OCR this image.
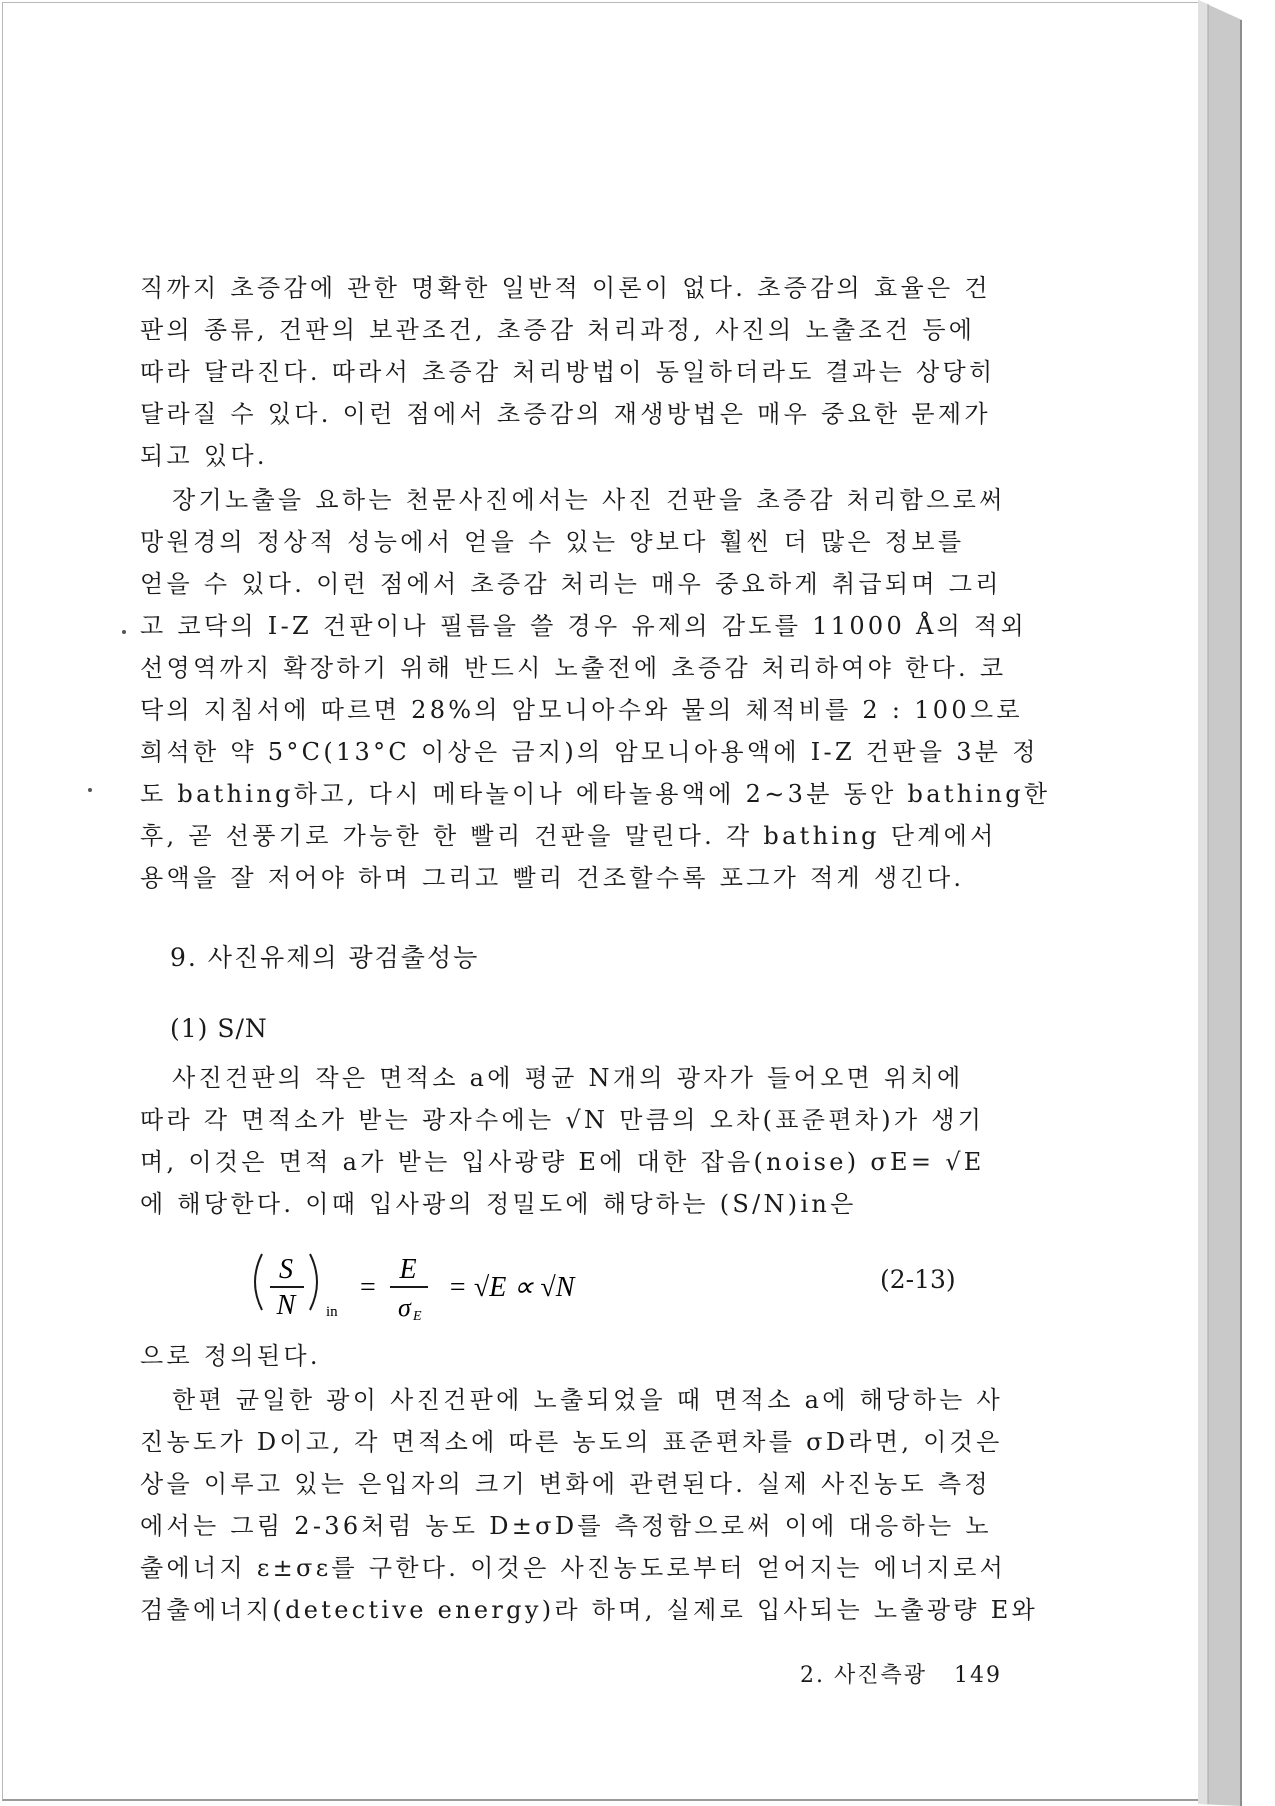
직까지 초증감에 관한 명확한 일반적 이론이 없다. 초증감의 효율은 건
판의 종류, 건판의 보관조건, 초증감 처리과정, 사진의 노출조건 등에
따라 달라진다. 따라서 초증감 처리방법이 동일하더라도 결과는 상당히
달라질 수 있다. 이런 점에서 초증감의 재생방법은 매우 중요한 문제가
되고 있다.
장기노출을 요하는 천문사진에서는 사진 건판을 초증감 처리함으로써
망원경의 정상적 성능에서 얻을 수 있는 양보다 훨씬 더 많은 정보를
얻을 수 있다. 이런 점에서 초증감 처리는 매우 중요하게 취급되며 그리
고 코닥의 I-Z 건판이나 필름을 쓸 경우 유제의 감도를 11000 Å의 적외
선영역까지 확장하기 위해 반드시 노출전에 초증감 처리하여야 한다. 코
닥의 지침서에 따르면 28%의 암모니아수와 물의 체적비를 2 : 100으로
희석한 약 5°C(13°C 이상은 금지)의 암모니아용액에 I-Z 건판을 3분 정
도 bathing하고, 다시 메타놀이나 에타놀용액에 2∼3분 동안 bathing한
후, 곧 선풍기로 가능한 한 빨리 건판을 말린다. 각 bathing 단계에서
용액을 잘 저어야 하며 그리고 빨리 건조할수록 포그가 적게 생긴다.
9. 사진유제의 광검출성능
(1) S/N
사진건판의 작은 면적소 a에 평균 N개의 광자가 들어오면 위치에
따라 각 면적소가 받는 광자수에는 √N 만큼의 오차(표준편차)가 생기
며, 이것은 면적 a가 받는 입사광량 E에 대한 잡음(noise) σE= √E
에 해당한다. 이때 입사광의 정밀도에 해당하는 (S/N)in은
S
N in
=
E
σ E
= √E ∝ √N	(2-13)
으로 정의된다.
한편 균일한 광이 사진건판에 노출되었을 때 면적소 a에 해당하는 사
진농도가 D이고, 각 면적소에 따른 농도의 표준편차를 σD라면, 이것은
상을 이루고 있는 은입자의 크기 변화에 관련된다. 실제 사진농도 측정
에서는 그림 2-36처럼 농도 D±σD를 측정함으로써 이에 대응하는 노
출에너지 ε±σε를 구한다. 이것은 사진농도로부터 얻어지는 에너지로서
검출에너지(detective energy)라 하며, 실제로 입사되는 노출광량 E와
2. 사진측광 149
